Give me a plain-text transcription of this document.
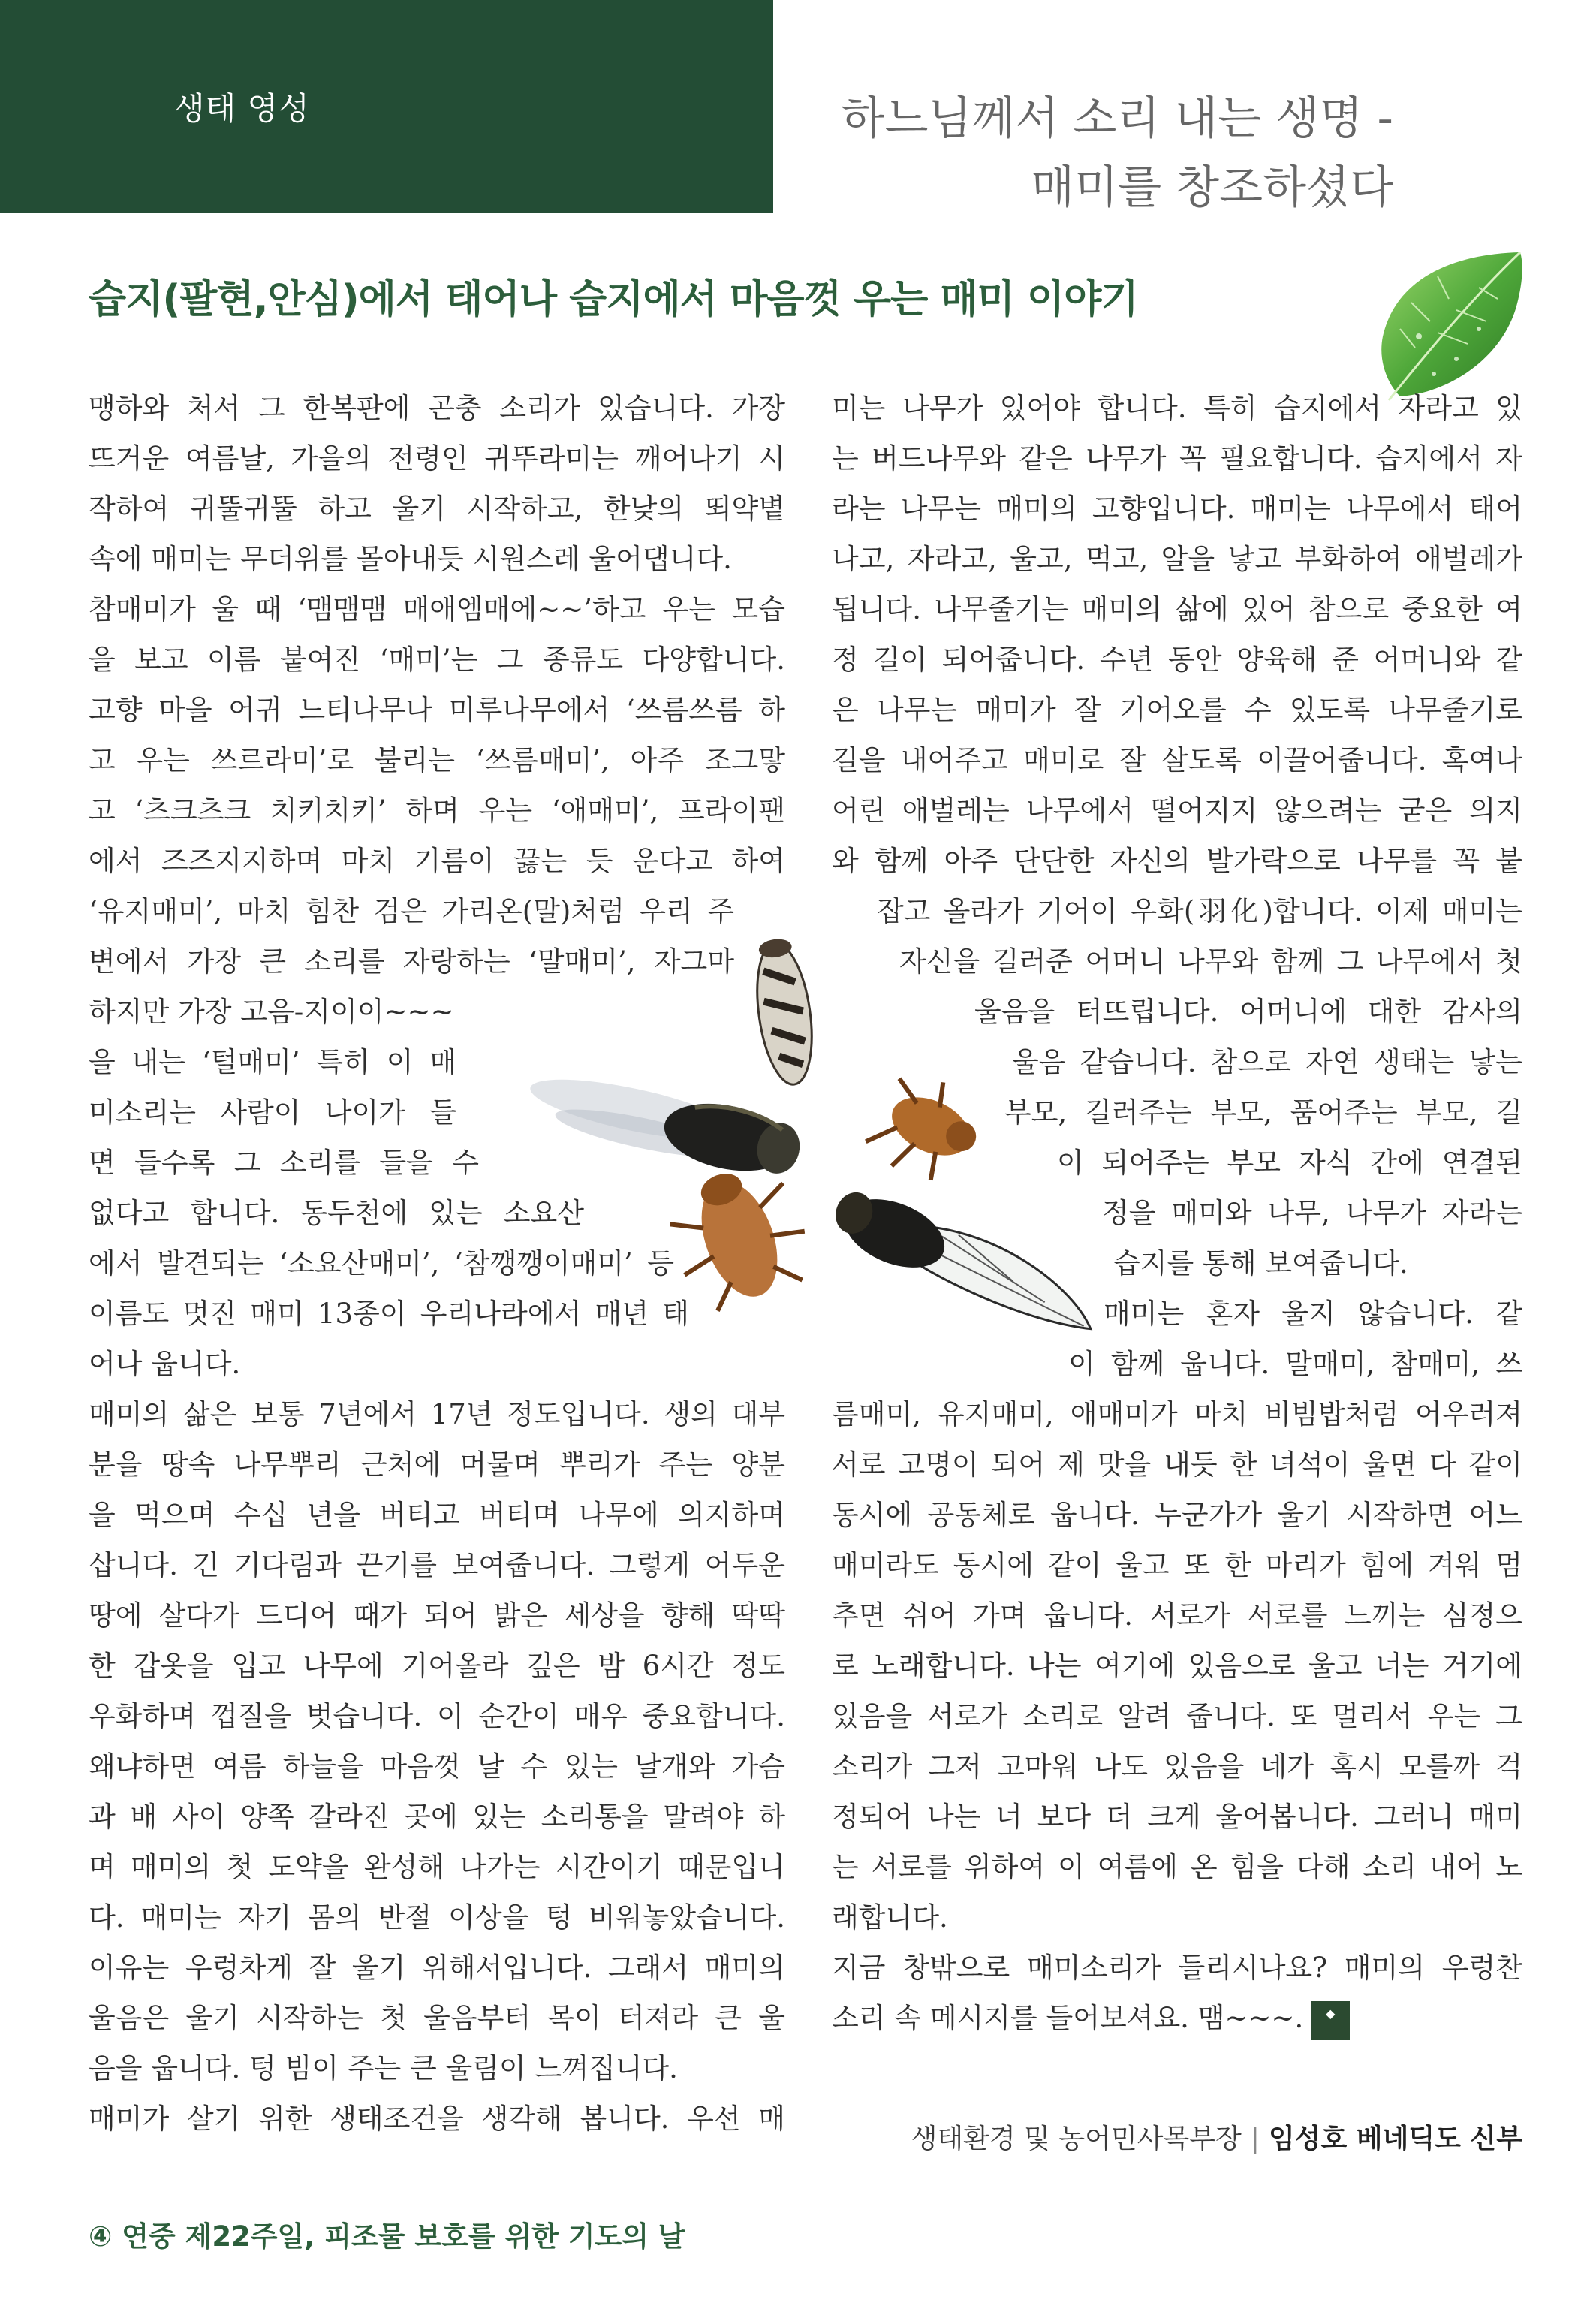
생태 영성	하느님께서 소리 내는 생명 -
매미를 창조하셨다
습지(팔현,안심)에서 태어나 습지에서 마음껏 우는 매미 이야기
맹하와 처서 그 한복판에 곤충 소리가 있습니다. 가장
뜨거운 여름날, 가을의 전령인 귀뚜라미는 깨어나기 시
작하여 귀뚤귀뚤 하고 울기 시작하고, 한낮의 뙤약볕
속에 매미는 무더위를 몰아내듯 시원스레 울어댑니다.
참매미가 울 때 ‘맴맴맴 매애엠매에~~’하고 우는 모습
을 보고 이름 붙여진 ‘매미’는 그 종류도 다양합니다.
고향 마을 어귀 느티나무나 미루나무에서 ‘쓰름쓰름 하
고 우는 쓰르라미’로 불리는 ‘쓰름매미’, 아주 조그맣
고 ‘츠크츠크 치키치키’ 하며 우는 ‘애매미’, 프라이팬
에서 즈즈지지하며 마치 기름이 끓는 듯 운다고 하여
‘유지매미’, 마치 힘찬 검은 가리온(말)처럼 우리 주
변에서 가장 큰 소리를 자랑하는 ‘말매미’, 자그마
하지만 가장 고음-지이이~~~
을 내는 ‘털매미’ 특히 이 매
미소리는 사람이 나이가 들
면 들수록 그 소리를 들을 수
없다고 합니다. 동두천에 있는 소요산
에서 발견되는 ‘소요산매미’, ‘참깽깽이매미’ 등
이름도 멋진 매미 13종이 우리나라에서 매년 태
어나 웁니다.
매미의 삶은 보통 7년에서 17년 정도입니다. 생의 대부
분을 땅속 나무뿌리 근처에 머물며 뿌리가 주는 양분
을 먹으며 수십 년을 버티고 버티며 나무에 의지하며
삽니다. 긴 기다림과 끈기를 보여줍니다. 그렇게 어두운
땅에 살다가 드디어 때가 되어 밝은 세상을 향해 딱딱
한 갑옷을 입고 나무에 기어올라 깊은 밤 6시간 정도
우화하며 껍질을 벗습니다. 이 순간이 매우 중요합니다.
왜냐하면 여름 하늘을 마음껏 날 수 있는 날개와 가슴
과 배 사이 양쪽 갈라진 곳에 있는 소리통을 말려야 하
며 매미의 첫 도약을 완성해 나가는 시간이기 때문입니
다. 매미는 자기 몸의 반절 이상을 텅 비워놓았습니다.
이유는 우렁차게 잘 울기 위해서입니다. 그래서 매미의
울음은 울기 시작하는 첫 울음부터 목이 터져라 큰 울
음을 웁니다. 텅 빔이 주는 큰 울림이 느껴집니다.
매미가 살기 위한 생태조건을 생각해 봅니다. 우선 매
미는 나무가 있어야 합니다. 특히 습지에서 자라고 있
는 버드나무와 같은 나무가 꼭 필요합니다. 습지에서 자
라는 나무는 매미의 고향입니다. 매미는 나무에서 태어
나고, 자라고, 울고, 먹고, 알을 낳고 부화하여 애벌레가
됩니다. 나무줄기는 매미의 삶에 있어 참으로 중요한 여
정 길이 되어줍니다. 수년 동안 양육해 준 어머니와 같
은 나무는 매미가 잘 기어오를 수 있도록 나무줄기로
길을 내어주고 매미로 잘 살도록 이끌어줍니다. 혹여나
어린 애벌레는 나무에서 떨어지지 않으려는 굳은 의지
와 함께 아주 단단한 자신의 발가락으로 나무를 꼭 붙
잡고 올라가 기어이 우화(羽化)합니다. 이제 매미는
자신을 길러준 어머니 나무와 함께 그 나무에서 첫
울음을 터뜨립니다. 어머니에 대한 감사의
울음 같습니다. 참으로 자연 생태는 낳는
부모, 길러주는 부모, 품어주는 부모, 길
이 되어주는 부모 자식 간에 연결된
정을 매미와 나무, 나무가 자라는
습지를 통해 보여줍니다.
매미는 혼자 울지 않습니다. 같
이 함께 웁니다. 말매미, 참매미, 쓰
름매미, 유지매미, 애매미가 마치 비빔밥처럼 어우러져
서로 고명이 되어 제 맛을 내듯 한 녀석이 울면 다 같이
동시에 공동체로 웁니다. 누군가가 울기 시작하면 어느
매미라도 동시에 같이 울고 또 한 마리가 힘에 겨워 멈
추면 쉬어 가며 웁니다. 서로가 서로를 느끼는 심정으
로 노래합니다. 나는 여기에 있음으로 울고 너는 거기에
있음을 서로가 소리로 알려 줍니다. 또 멀리서 우는 그
소리가 그저 고마워 나도 있음을 네가 혹시 모를까 걱
정되어 나는 너 보다 더 크게 울어봅니다. 그러니 매미
는 서로를 위하여 이 여름에 온 힘을 다해 소리 내어 노
래합니다.
지금 창밖으로 매미소리가 들리시나요? 매미의 우렁찬
소리 속 메시지를 들어보셔요. 맴~~~. ◆
생태환경 및 농어민사목부장 | 임성호 베네딕도 신부
④ 연중 제22주일, 피조물 보호를 위한 기도의 날
